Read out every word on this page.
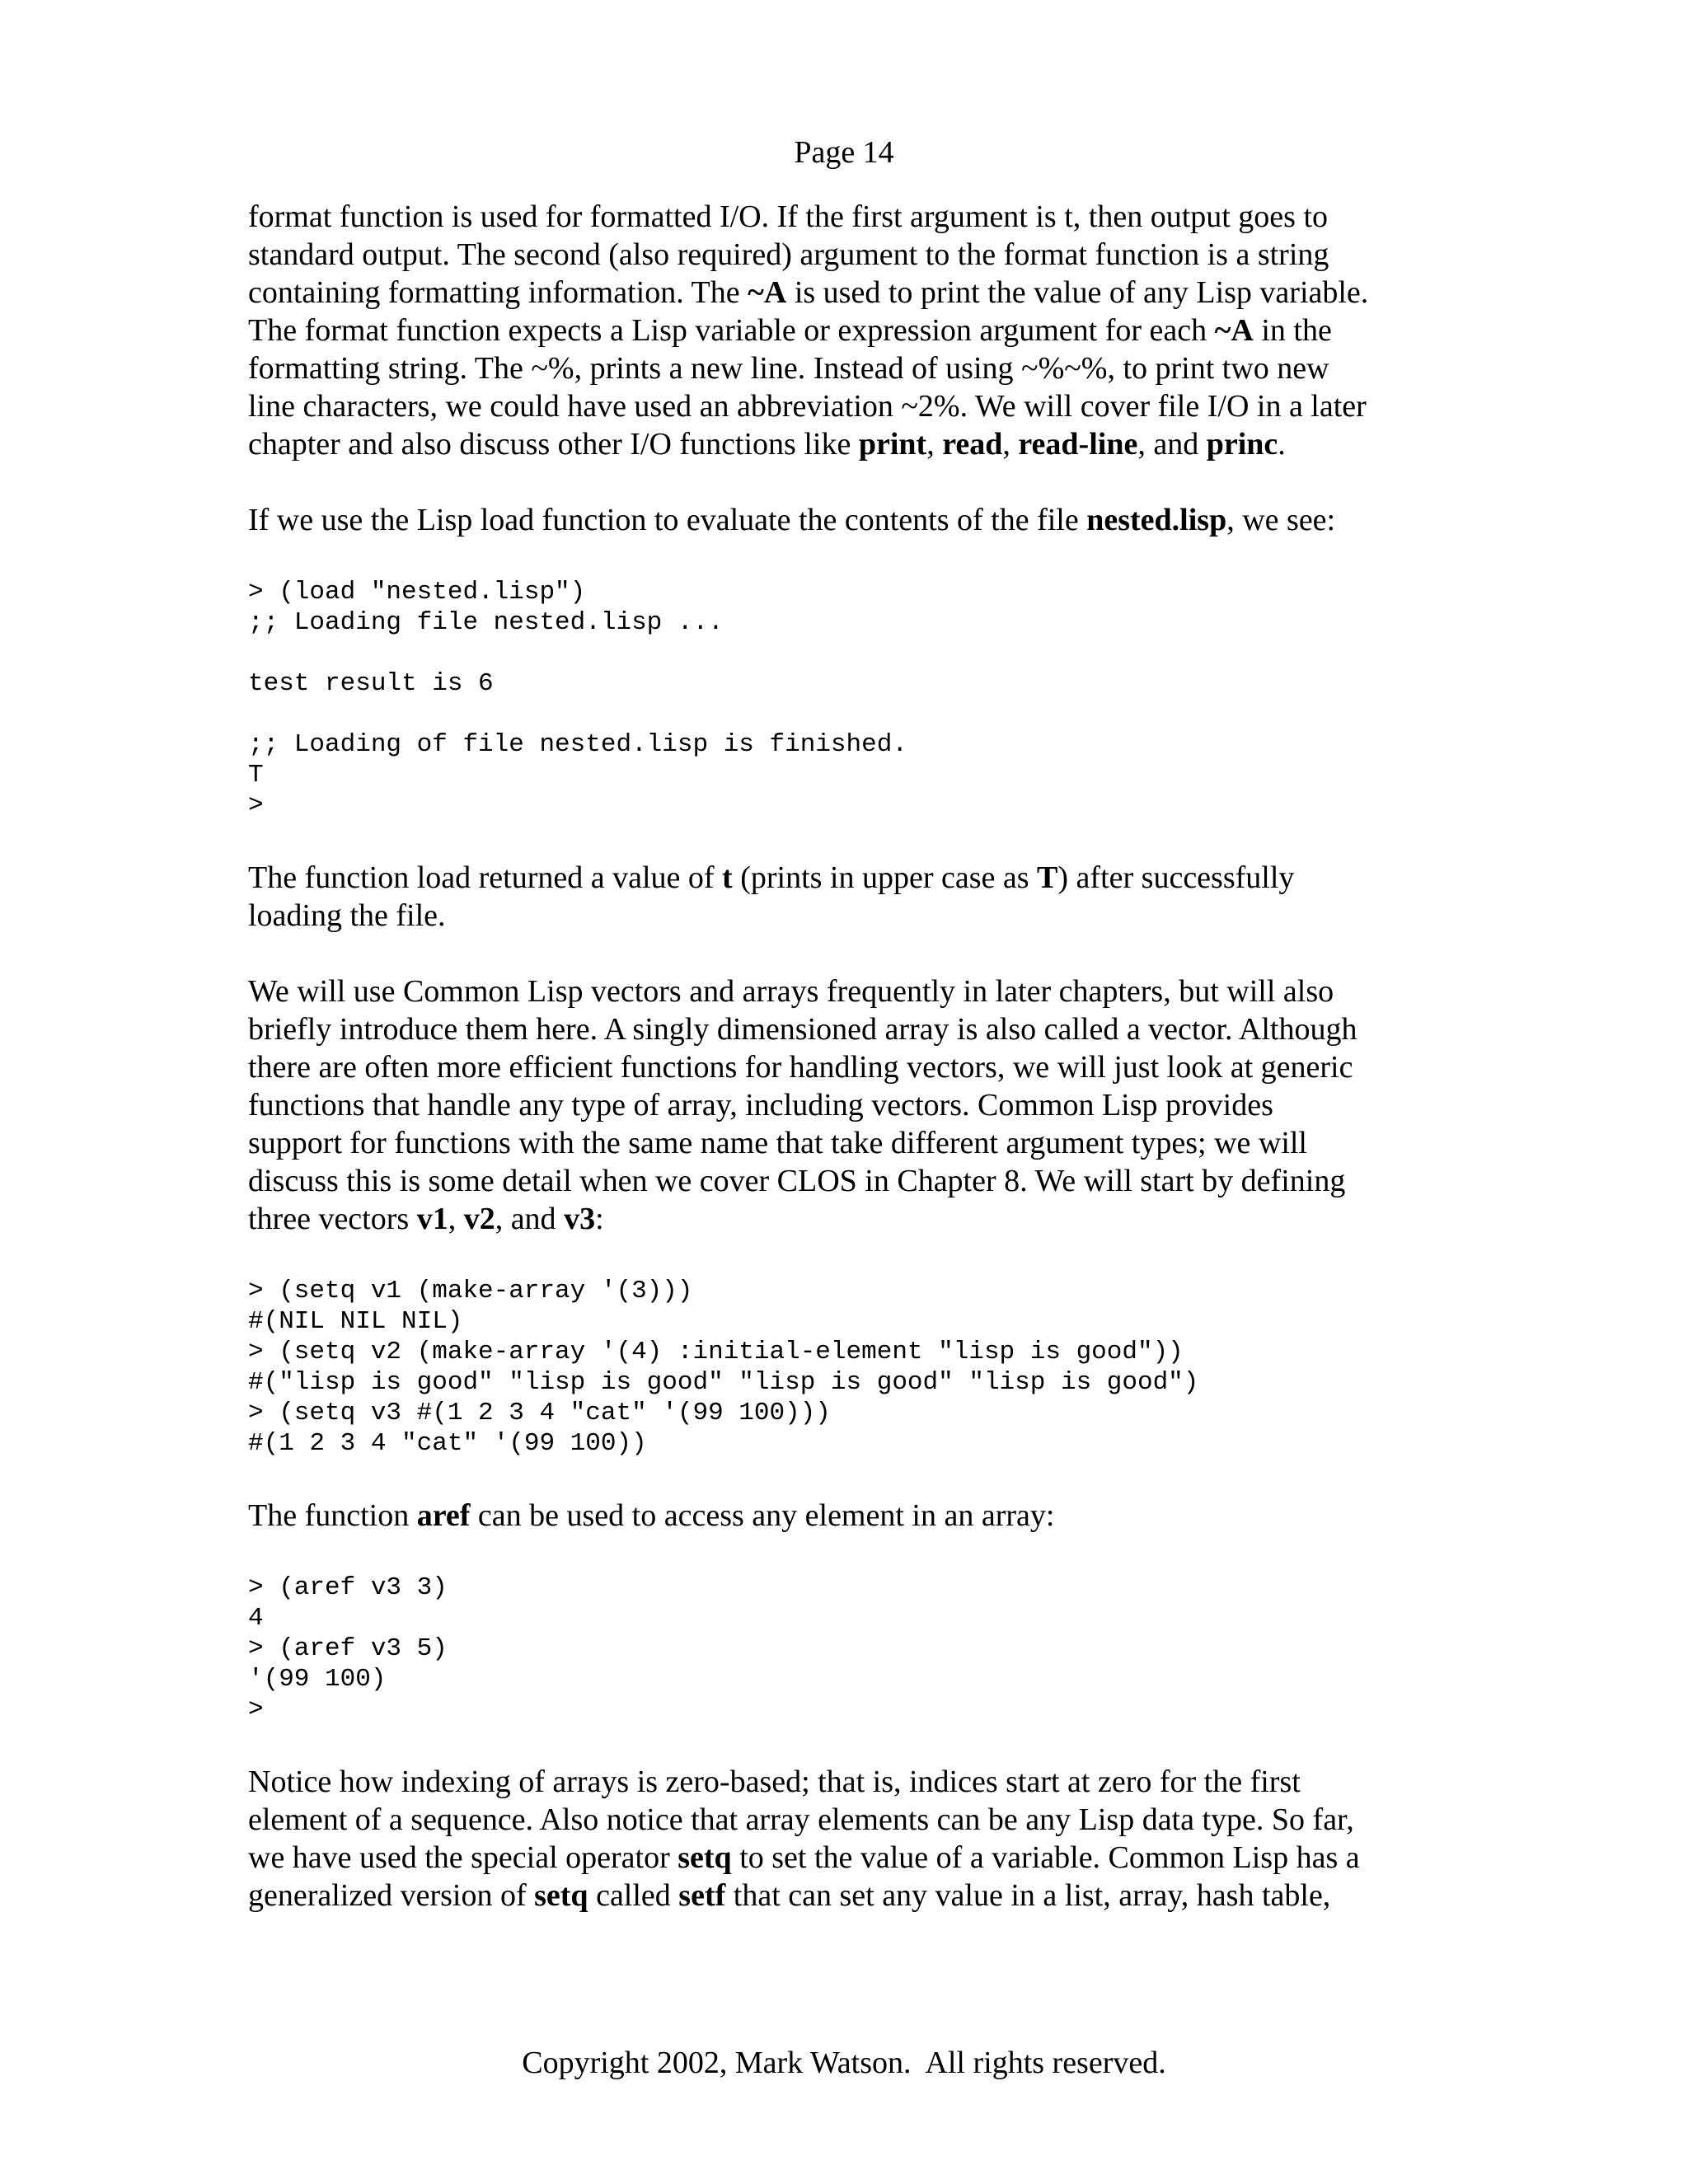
Page 14

format function is used for formatted I/O. If the first argument is t, then output goes to

standard output. The second (also required) argument to the format function is a string

containing formatting information. The ~A is used to print the value of any Lisp variable.

The format function expects a Lisp variable or expression argument for each ~A in the

formatting string. The ~%, prints a new line. Instead of using ~%~%, to print two new

line characters, we could have used an abbreviation ~2%. We will cover file I/O in a later

chapter and also discuss other I/O functions like print, read, read-line, and princ.

If we use the Lisp load function to evaluate the contents of the file nested.lisp, we see:

> (load "nested.lisp")

;; Loading file nested.lisp ...

test result is 6

;; Loading of file nested.lisp is finished.

T

>

The function load returned a value of t (prints in upper case as T) after successfully

loading the file.

We will use Common Lisp vectors and arrays frequently in later chapters, but will also

briefly introduce them here. A singly dimensioned array is also called a vector. Although

there are often more efficient functions for handling vectors, we will just look at generic

functions that handle any type of array, including vectors. Common Lisp provides

support for functions with the same name that take different argument types; we will

discuss this is some detail when we cover CLOS in Chapter 8. We will start by defining

three vectors v1, v2, and v3:

> (setq v1 (make-array '(3)))

#(NIL NIL NIL)

> (setq v2 (make-array '(4) :initial-element "lisp is good"))

#("lisp is good" "lisp is good" "lisp is good" "lisp is good")

> (setq v3 #(1 2 3 4 "cat" '(99 100)))

#(1 2 3 4 "cat" '(99 100))

The function aref can be used to access any element in an array:

> (aref v3 3)

4

> (aref v3 5)

'(99 100)

>

Notice how indexing of arrays is zero-based; that is, indices start at zero for the first

element of a sequence. Also notice that array elements can be any Lisp data type. So far,

we have used the special operator setq to set the value of a variable. Common Lisp has a

generalized version of setq called setf that can set any value in a list, array, hash table,

Copyright 2002, Mark Watson.  All rights reserved.
